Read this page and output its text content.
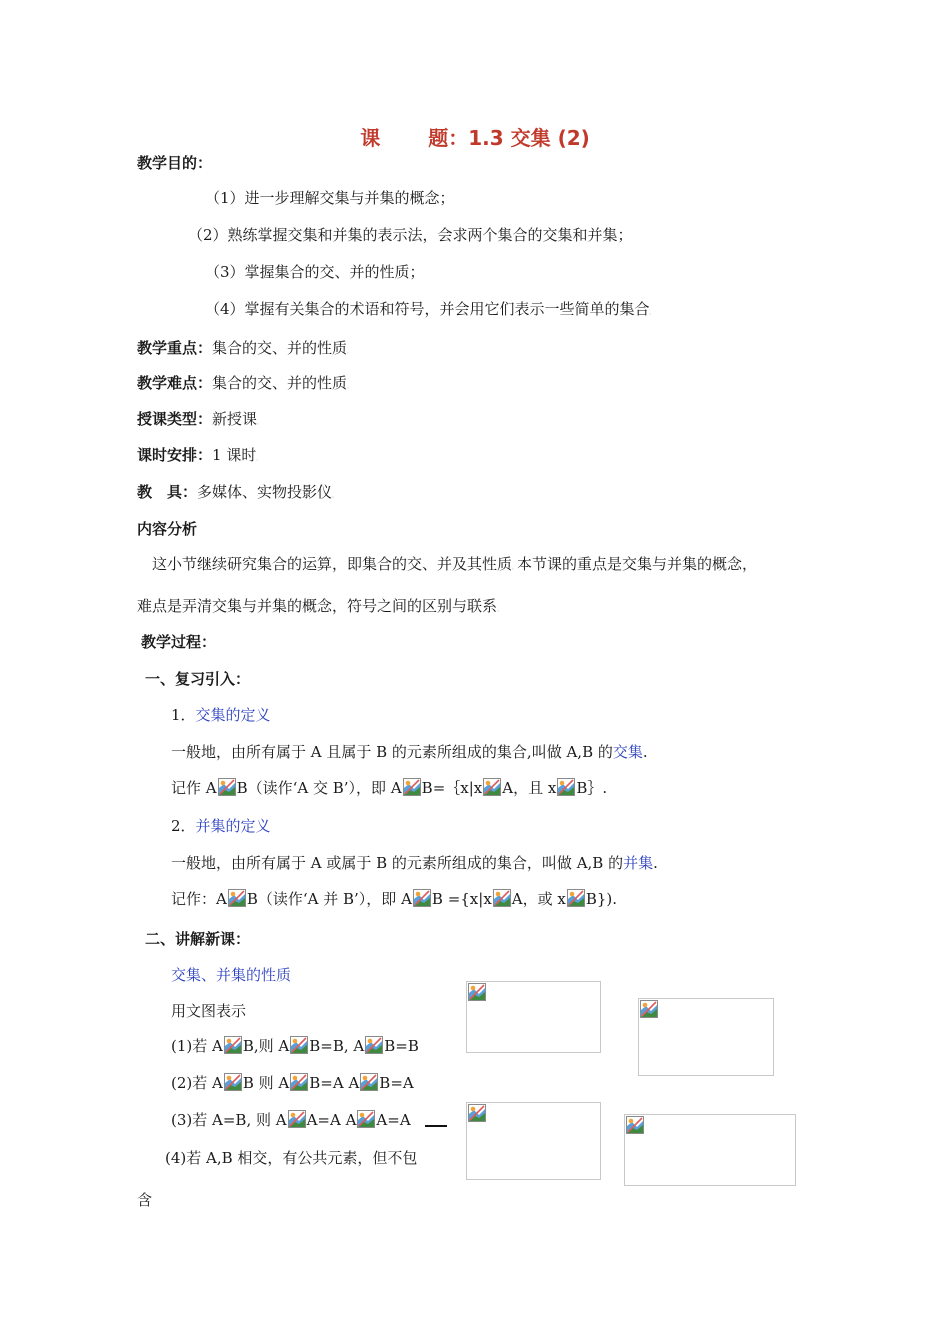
课 题：1.3 交集 (2)
教学目的：
（1）进一步理解交集与并集的概念；
（2）熟练掌握交集和并集的表示法，会求两个集合的交集和并集；
（3）掌握集合的交、并的性质；
（4）掌握有关集合的术语和符号，并会用它们表示一些简单的集合。
教学重点：集合的交、并的性质。
教学难点：集合的交、并的性质。
授课类型：新授课。
课时安排：1 课时。
教　具：多媒体、实物投影仪。
内容分析
这小节继续研究集合的运算，即集合的交、并及其性质。本节课的重点是交集与并集的概念，
难点是弄清交集与并集的概念，符号之间的区别与联系。
教学过程：
一、复习引入：
1．交集的定义
一般地，由所有属于 A 且属于 B 的元素所组成的集合,叫做 A,B 的交集.
记作 A B（读作‘A 交 B’），即 A B=｛x|x A，且 x B｝.
2．并集的定义
一般地，由所有属于 A 或属于 B 的元素所组成的集合，叫做 A,B 的并集.
记作：A B（读作‘A 并 B’），即 A B ={x|x A，或 x B}).
二、讲解新课：
交集、并集的性质
用文图表示
(1)若 A B,则 A B=B, A B=B
(2)若 A B 则 A B=A A B=A
(3)若 A=B, 则 A A=A A A=A
(4)若 A,B 相交，有公共元素，但不包
含
